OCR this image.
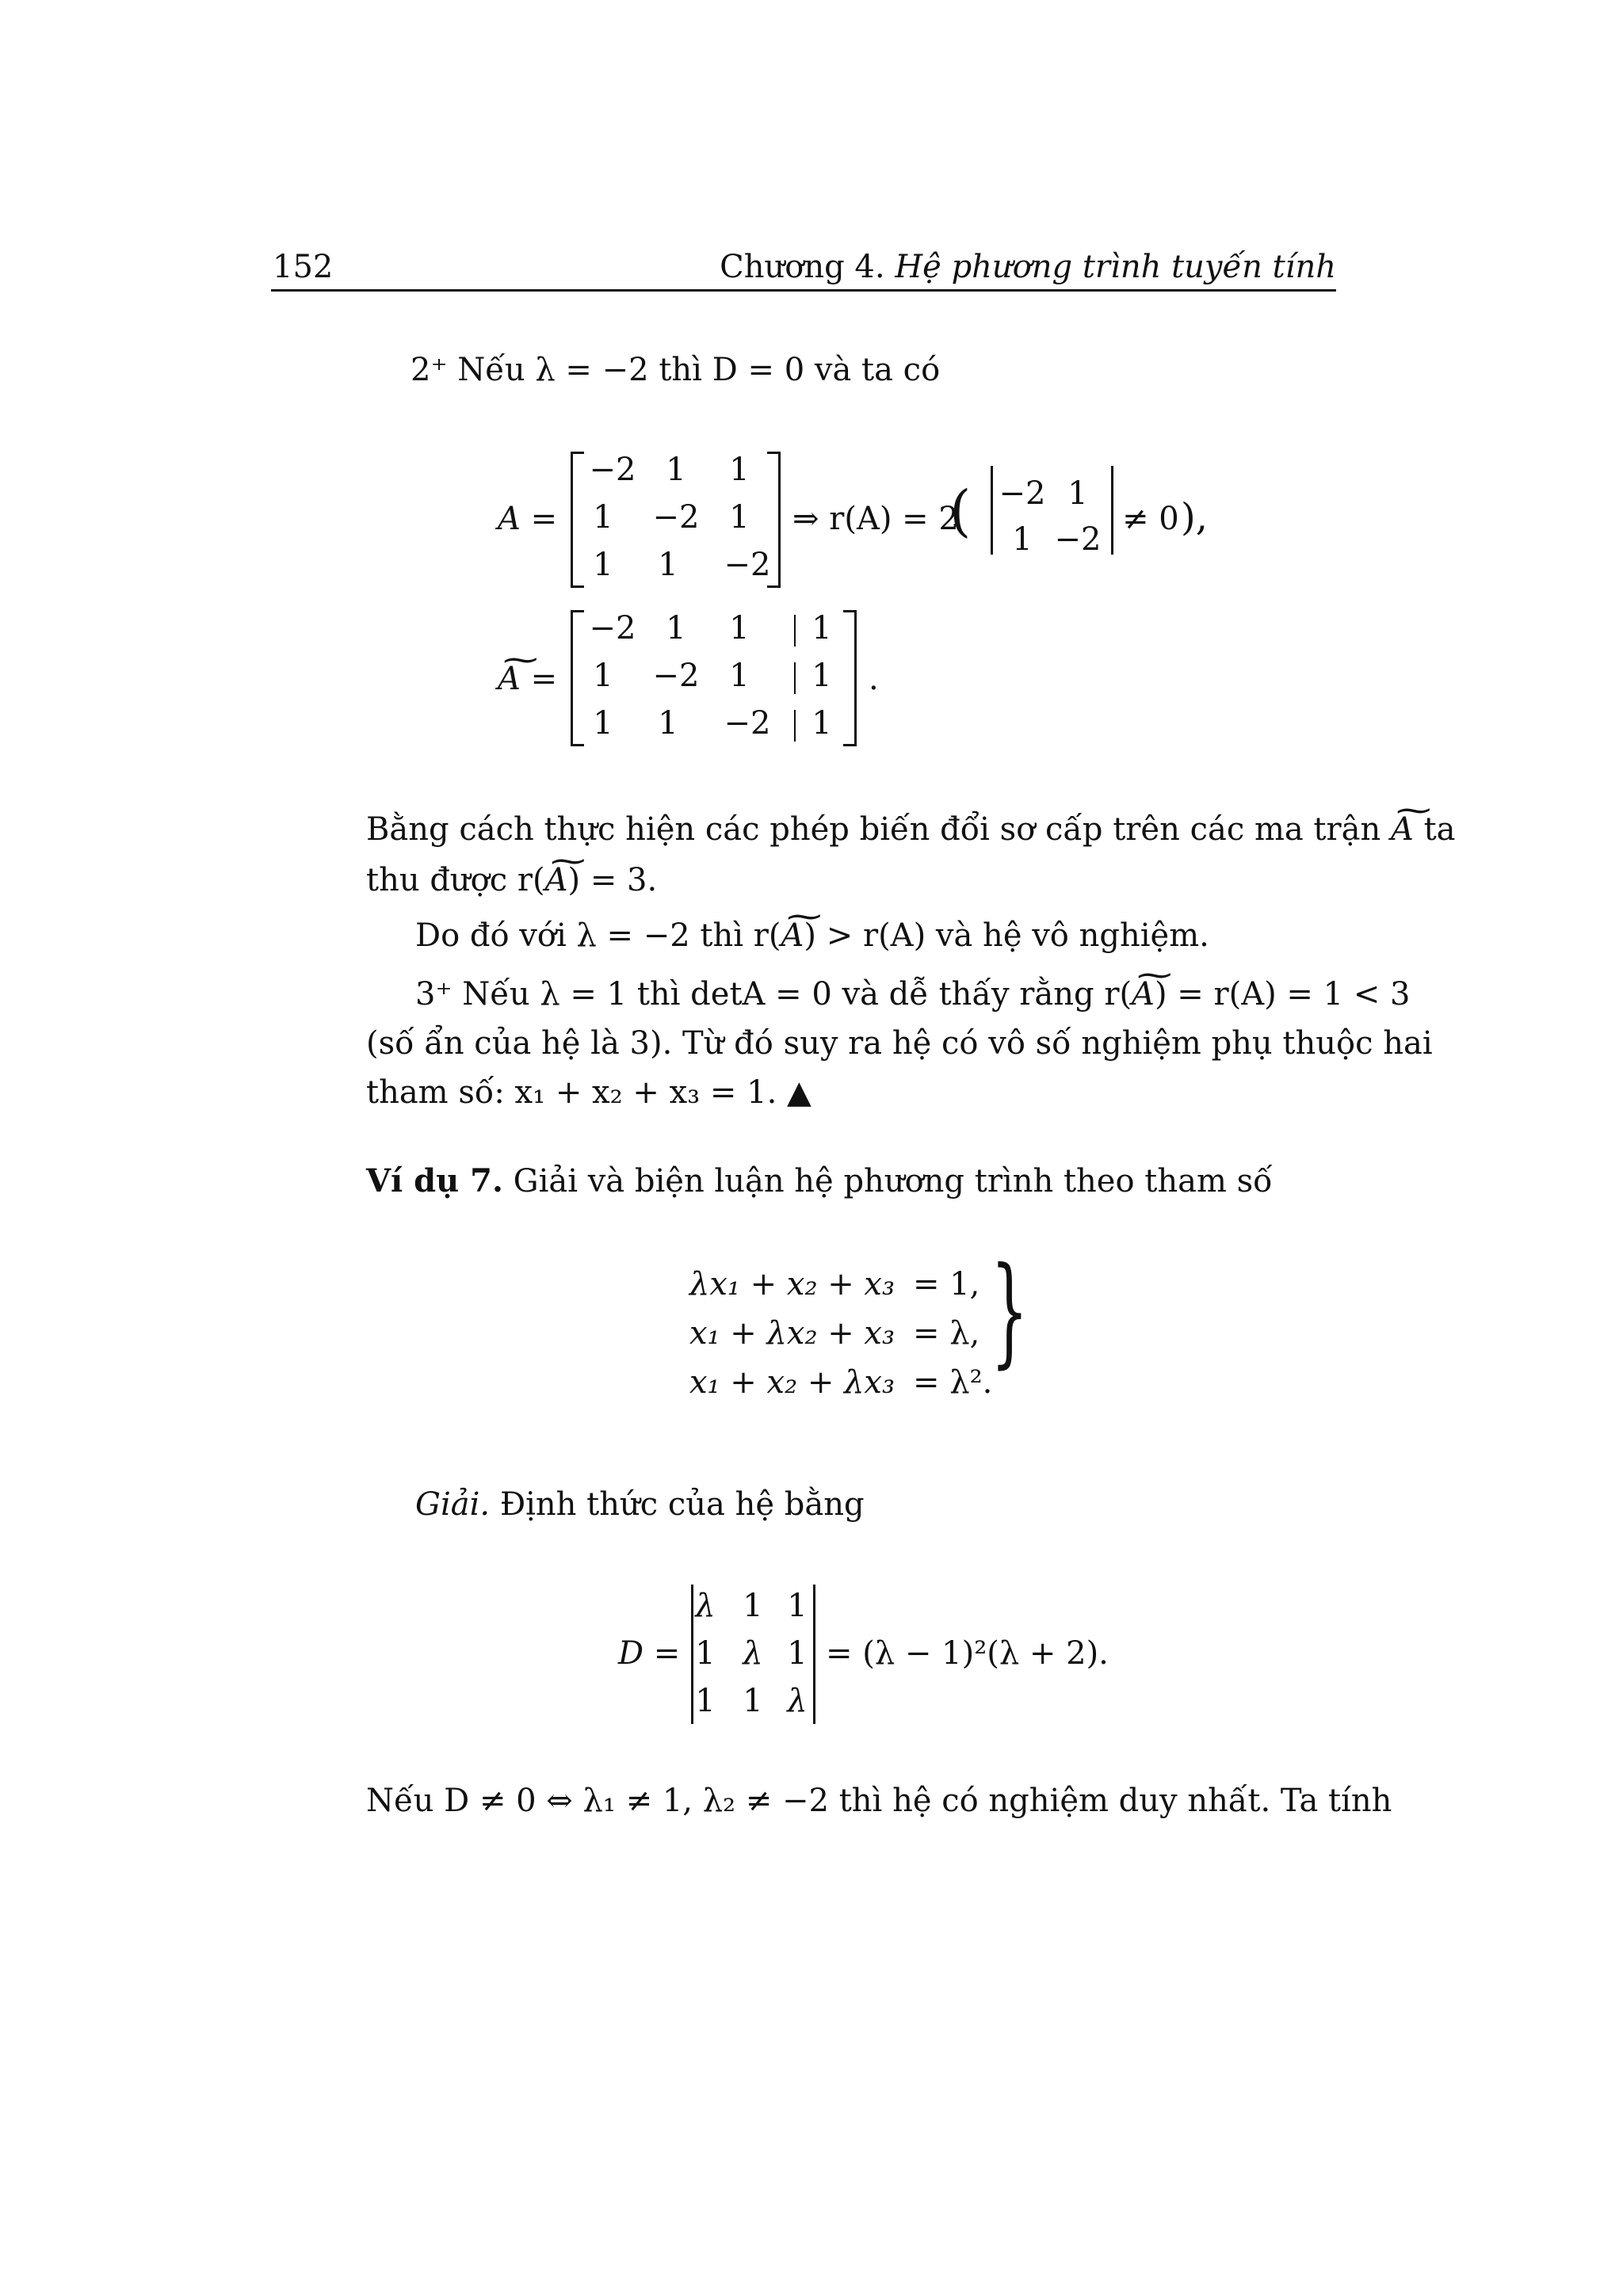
152	Chương 4. Hệ phương trình tuyến tính
2⁺ Nếu λ = −2 thì D = 0 và ta có
A =
−2 1	1
1	−2 1
1	1	−2
⇒ r(A) = 2
( −2 1
1 −2
≠ 0 ),
~ A =
−2 1	1	1
1	−2 1	1
1	1	−2	1
.
Bằng cách thực hiện các phép biến đổi sơ cấp trên các ma trận ~ A ta
thu được r(~ A) = 3.
Do đó với λ = −2 thì r(~ A) > r(A) và hệ vô nghiệm.
3⁺ Nếu λ = 1 thì detA = 0 và dễ thấy rằng r(~ A) = r(A) = 1 < 3
(số ẩn của hệ là 3). Từ đó suy ra hệ có vô số nghiệm phụ thuộc hai
tham số: x₁ + x₂ + x₃ = 1. ▲
Ví dụ 7. Giải và biện luận hệ phương trình theo tham số
λx₁ + x₂ + x₃ = 1,
x₁ + λx₂ + x₃ = λ,
x₁ + x₂ + λx₃ = λ².
}
Giải. Định thức của hệ bằng
D =
λ 1 1
1 λ 1
1 1 λ
= (λ − 1)²(λ + 2).
Nếu D ≠ 0 ⇔ λ₁ ≠ 1, λ₂ ≠ −2 thì hệ có nghiệm duy nhất. Ta tính
